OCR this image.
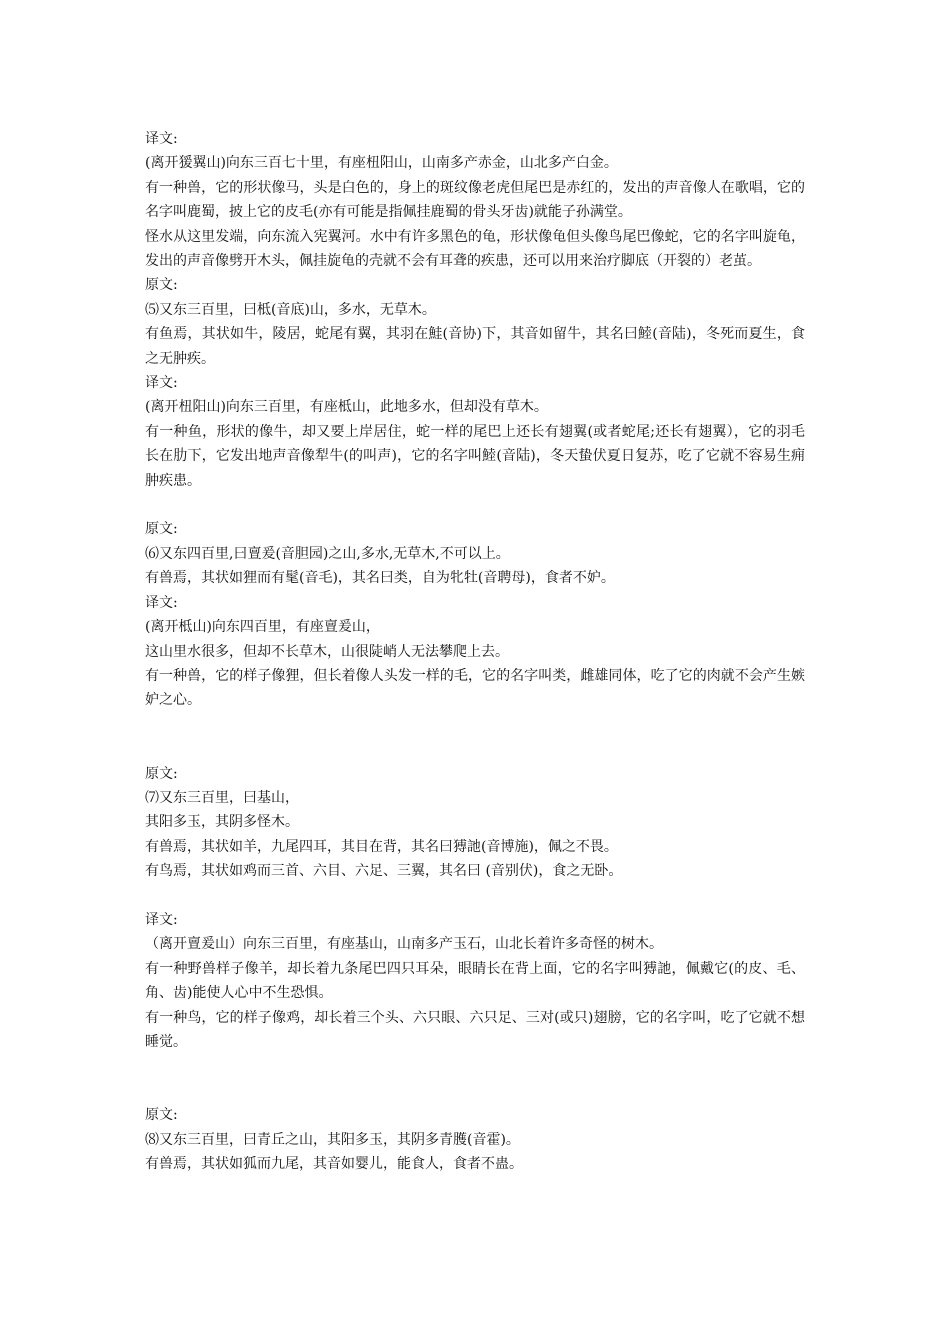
译文:
(离开猨翼山)向东三百七十里，有座杻阳山，山南多产赤金，山北多产白金。
有一种兽，它的形状像马，头是白色的，身上的斑纹像老虎但尾巴是赤红的，发出的声音像人在歌唱，它的名字叫鹿蜀，披上它的皮毛(亦有可能是指佩挂鹿蜀的骨头牙齿)就能子孙满堂。
怪水从这里发端，向东流入宪翼河。水中有许多黑色的龟，形状像龟但头像鸟尾巴像蛇，它的名字叫旋龟，发出的声音像劈开木头，佩挂旋龟的壳就不会有耳聋的疾患，还可以用来治疗脚底（开裂的）老茧。
原文:
⑸又东三百里，曰柢(音底)山，多水，无草木。
有鱼焉，其状如牛，陵居，蛇尾有翼，其羽在鮭(音协)下，其音如留牛，其名曰鯥(音陆)，冬死而夏生，食之无肿疾。
译文:
(离开杻阳山)向东三百里，有座柢山，此地多水，但却没有草木。
有一种鱼，形状的像牛，却又要上岸居住，蛇一样的尾巴上还长有翅翼(或者蛇尾;还长有翅翼），它的羽毛长在肋下，它发出地声音像犁牛(的叫声)，它的名字叫鯥(音陆)，冬天蛰伏夏日复苏，吃了它就不容易生痈肿疾患。
原文:
⑹又东四百里,曰亶爰(音胆园)之山,多水,无草木,不可以上。
有兽焉，其状如狸而有髦(音毛)，其名曰类，自为牝牡(音聘母)，食者不妒。
译文:
(离开柢山)向东四百里，有座亶爰山，
这山里水很多，但却不长草木，山很陡峭人无法攀爬上去。
有一种兽，它的样子像狸，但长着像人头发一样的毛，它的名字叫类，雌雄同体，吃了它的肉就不会产生嫉妒之心。
原文:
⑺又东三百里，曰基山，
其阳多玉，其阴多怪木。
有兽焉，其状如羊，九尾四耳，其目在背，其名曰猼訑(音博施)，佩之不畏。
有鸟焉，其状如鸡而三首、六目、六足、三翼，其名曰 (音别伏)，食之无卧。
译文:
（离开亶爰山）向东三百里，有座基山，山南多产玉石，山北长着许多奇怪的树木。
有一种野兽样子像羊，却长着九条尾巴四只耳朵，眼睛长在背上面，它的名字叫猼訑，佩戴它(的皮、毛、角、齿)能使人心中不生恐惧。
有一种鸟，它的样子像鸡，却长着三个头、六只眼、六只足、三对(或只)翅膀，它的名字叫，吃了它就不想睡觉。
原文:
⑻又东三百里，曰青丘之山，其阳多玉，其阴多青臒(音霍)。
有兽焉，其状如狐而九尾，其音如婴儿，能食人，食者不蛊。
